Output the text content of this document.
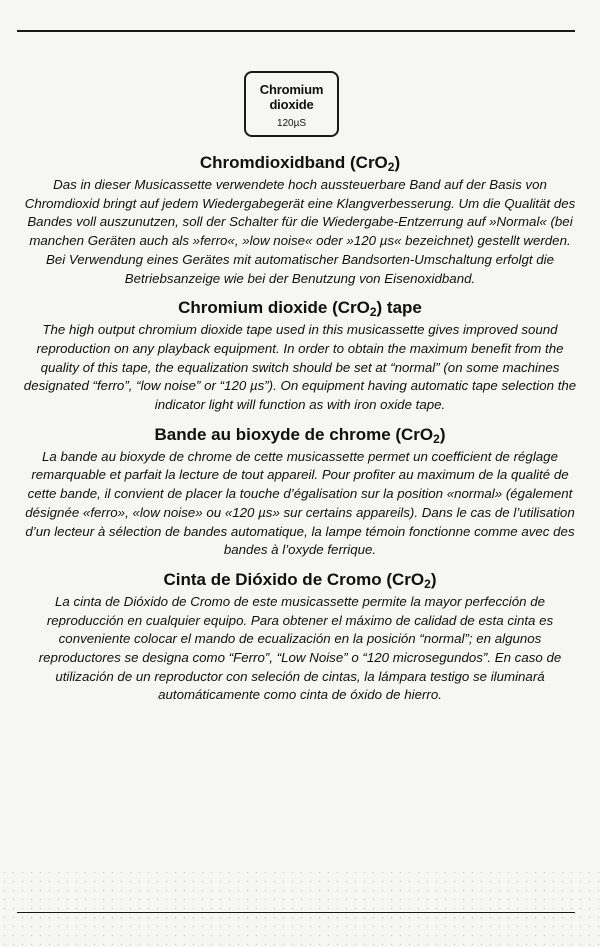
Chromium
dioxide
120µS
Chromdioxidband (CrO2)

Das in dieser Musicassette verwendete hoch aussteuerbare Band auf der Basis von Chromdioxid bringt auf jedem Wiedergabegerät eine Klangverbesserung. Um die Qualität des Bandes voll auszunutzen, soll der Schalter für die Wiedergabe-Entzerrung auf »Normal« (bei manchen Geräten auch als »ferro«, »low noise« oder »120 µs« bezeichnet) gestellt werden. Bei Verwendung eines Gerätes mit automatischer Bandsorten-Umschaltung erfolgt die Betriebsanzeige wie bei der Benutzung von Eisenoxidband.

Chromium dioxide (CrO2) tape

The high output chromium dioxide tape used in this musicassette gives improved sound reproduction on any playback equipment. In order to obtain the maximum benefit from the quality of this tape, the equalization switch should be set at “normal” (on some machines designated “ferro”, “low noise” or “120 µs”). On equipment having automatic tape selection the indicator light will function as with iron oxide tape.

Bande au bioxyde de chrome (CrO2)

La bande au bioxyde de chrome de cette musicassette permet un coefficient de réglage remarquable et parfait la lecture de tout appareil. Pour profiter au maximum de la qualité de cette bande, il convient de placer la touche d’égalisation sur la position «normal» (également désignée «ferro», «low noise» ou «120 µs» sur certains appareils). Dans le cas de l’utilisation d’un lecteur à sélection de bandes automatique, la lampe témoin fonctionne comme avec des bandes à l’oxyde ferrique.

Cinta de Dióxido de Cromo (CrO2)

La cinta de Dióxido de Cromo de este musicassette permite la mayor perfección de reproducción en cualquier equipo. Para obtener el máximo de calidad de esta cinta es conveniente colocar el mando de ecualización en la posición “normal”; en algunos reproductores se designa como “Ferro”, “Low Noise” o “120 microsegundos”. En caso de utilización de un reproductor con seleción de cintas, la lámpara testigo se iluminará automáticamente como cinta de óxido de hierro.
